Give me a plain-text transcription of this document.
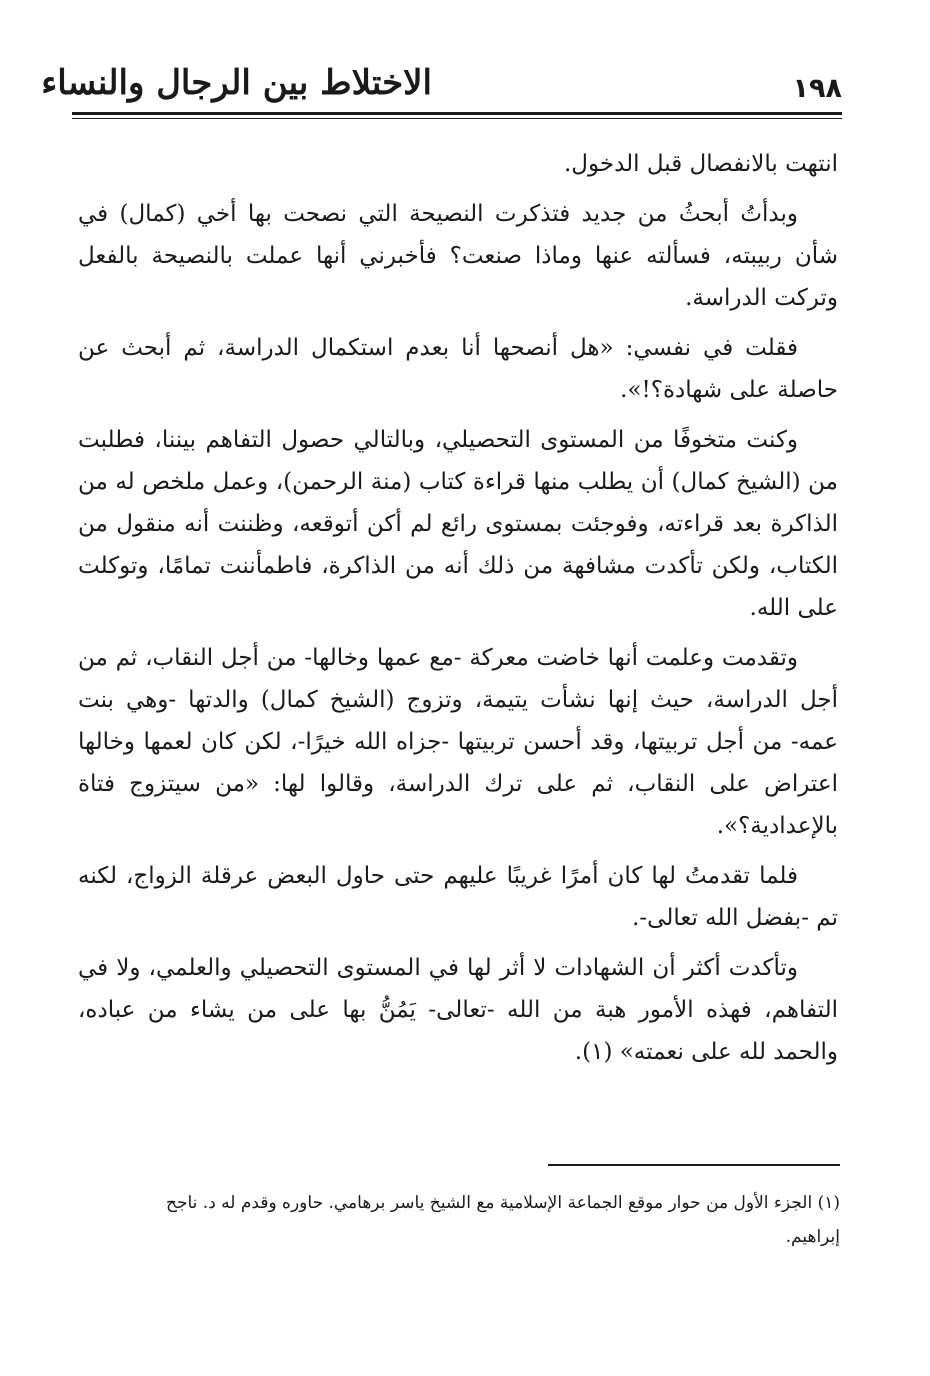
الاختلاط بين الرجال والنساء	١٩٨

انتهت بالانفصال قبل الدخول.

وبدأتُ أبحثُ من جديد فتذكرت النصيحة التي نصحت بها أخي (كمال) في شأن ربيبته، فسألته عنها وماذا صنعت؟ فأخبرني أنها عملت بالنصيحة بالفعل وتركت الدراسة.

فقلت في نفسي: «هل أنصحها أنا بعدم استكمال الدراسة، ثم أبحث عن حاصلة على شهادة؟!».

وكنت متخوفًا من المستوى التحصيلي، وبالتالي حصول التفاهم بيننا، فطلبت من (الشيخ كمال) أن يطلب منها قراءة كتاب (منة الرحمن)، وعمل ملخص له من الذاكرة بعد قراءته، وفوجئت بمستوى رائع لم أكن أتوقعه، وظننت أنه منقول من الكتاب، ولكن تأكدت مشافهة من ذلك أنه من الذاكرة، فاطمأننت تمامًا، وتوكلت على الله.

وتقدمت وعلمت أنها خاضت معركة -مع عمها وخالها- من أجل النقاب، ثم من أجل الدراسة، حيث إنها نشأت يتيمة، وتزوج (الشيخ كمال) والدتها -وهي بنت عمه- من أجل تربيتها، وقد أحسن تربيتها -جزاه الله خيرًا-، لكن كان لعمها وخالها اعتراض على النقاب، ثم على ترك الدراسة، وقالوا لها: «من سيتزوج فتاة بالإعدادية؟».

فلما تقدمتُ لها كان أمرًا غريبًا عليهم حتى حاول البعض عرقلة الزواج، لكنه تم -بفضل الله تعالى-.

وتأكدت أكثر أن الشهادات لا أثر لها في المستوى التحصيلي والعلمي، ولا في التفاهم، فهذه الأمور هبة من الله -تعالى- يَمُنُّ بها على من يشاء من عباده، والحمد لله على نعمته» (١).

(١) الجزء الأول من حوار موقع الجماعة الإسلامية مع الشيخ ياسر برهامي. حاوره وقدم له د. ناجح إبراهيم.
